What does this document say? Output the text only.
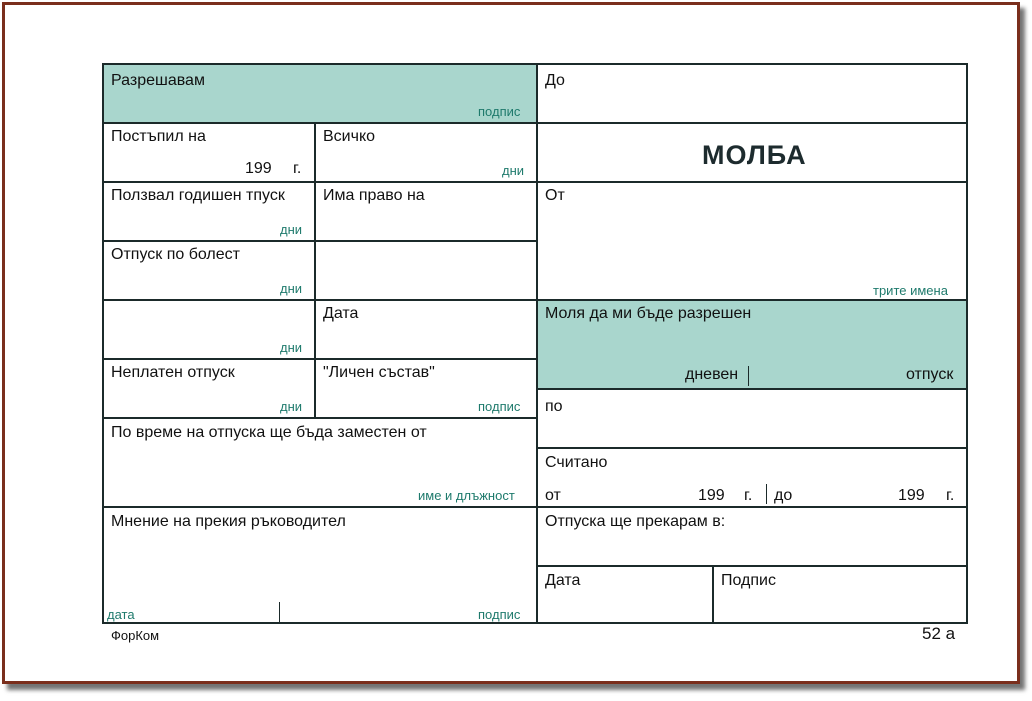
Разрешавам
подпис
Постъпил на
199 г.
Всичко
дни
Ползвал годишен тпуск
дни
Има право на
Отпуск по болест
дни
дни
Дата
Неплатен отпуск
дни
"Личен състав"
подпис
По време на отпуска ще бъда заместен от
име и длъжност
Мнение на прекия ръководител
дата	подпис
До
МОЛБА
От
трите имена
Моля да ми бъде разрешен
дневен	отпуск
по
Считано
от	199 г. до	199 г.
Отпуска ще прекарам в:
Дата	Подпис
ФорКом	52 а
